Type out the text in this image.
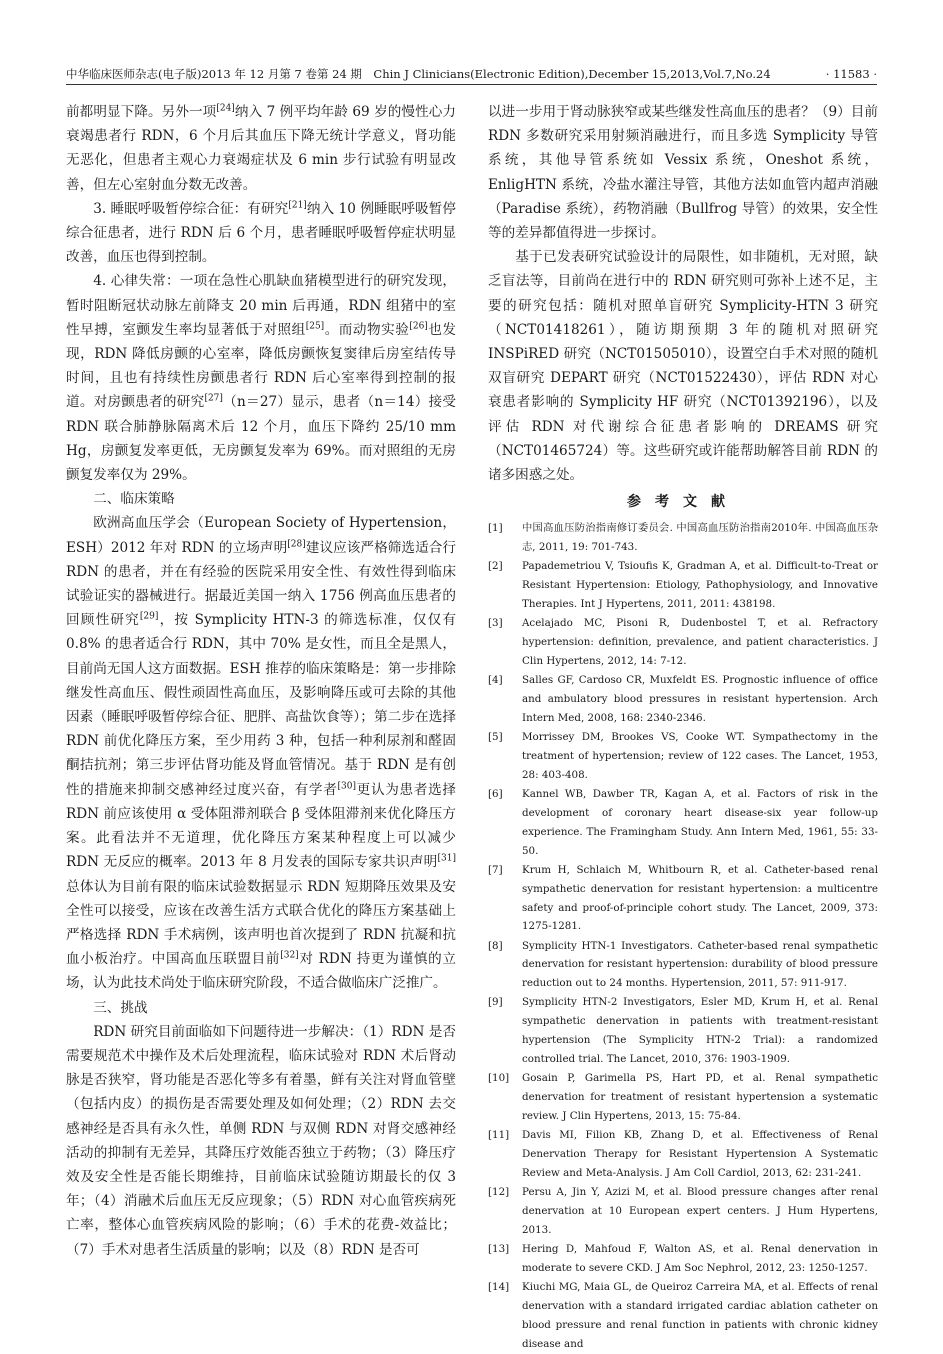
中华临床医师杂志(电子版)2013 年 12 月第 7 卷第 24 期　Chin J Clinicians(Electronic Edition),December 15,2013,Vol.7,No.24	· 11583 ·

前都明显下降。另外一项[24]纳入 7 例平均年龄 69 岁的慢性心力衰竭患者行 RDN，6 个月后其血压下降无统计学意义，肾功能无恶化，但患者主观心力衰竭症状及 6 min 步行试验有明显改善，但左心室射血分数无改善。

3. 睡眠呼吸暂停综合征：有研究[21]纳入 10 例睡眠呼吸暂停综合征患者，进行 RDN 后 6 个月，患者睡眠呼吸暂停症状明显改善，血压也得到控制。

4. 心律失常：一项在急性心肌缺血猪模型进行的研究发现，暂时阻断冠状动脉左前降支 20 min 后再通，RDN 组猪中的室性早搏，室颤发生率均显著低于对照组[25]。而动物实验[26]也发现，RDN 降低房颤的心室率，降低房颤恢复窦律后房室结传导时间，且也有持续性房颤患者行 RDN 后心室率得到控制的报道。对房颤患者的研究[27]（n＝27）显示，患者（n＝14）接受 RDN 联合肺静脉隔离术后 12 个月，血压下降约 25/10 mm Hg，房颤复发率更低，无房颤复发率为 69%。而对照组的无房颤复发率仅为 29%。

二、临床策略

欧洲高血压学会（European Society of Hypertension，ESH）2012 年对 RDN 的立场声明[28]建议应该严格筛选适合行 RDN 的患者，并在有经验的医院采用安全性、有效性得到临床试验证实的器械进行。据最近美国一纳入 1756 例高血压患者的回顾性研究[29]，按 Symplicity HTN-3 的筛选标准，仅仅有 0.8% 的患者适合行 RDN，其中 70% 是女性，而且全是黑人，目前尚无国人这方面数据。ESH 推荐的临床策略是：第一步排除继发性高血压、假性顽固性高血压，及影响降压或可去除的其他因素（睡眠呼吸暂停综合征、肥胖、高盐饮食等）；第二步在选择 RDN 前优化降压方案，至少用药 3 种，包括一种利尿剂和醛固酮拮抗剂；第三步评估肾功能及肾血管情况。基于 RDN 是有创性的措施来抑制交感神经过度兴奋，有学者[30]更认为患者选择 RDN 前应该使用 α 受体阻滞剂联合 β 受体阻滞剂来优化降压方案。此看法并不无道理，优化降压方案某种程度上可以减少 RDN 无反应的概率。2013 年 8 月发表的国际专家共识声明[31]总体认为目前有限的临床试验数据显示 RDN 短期降压效果及安全性可以接受，应该在改善生活方式联合优化的降压方案基础上严格选择 RDN 手术病例，该声明也首次提到了 RDN 抗凝和抗血小板治疗。中国高血压联盟目前[32]对 RDN 持更为谨慎的立场，认为此技术尚处于临床研究阶段，不适合做临床广泛推广。

三、挑战

RDN 研究目前面临如下问题待进一步解决：（1）RDN 是否需要规范术中操作及术后处理流程，临床试验对 RDN 术后肾动脉是否狭窄，肾功能是否恶化等多有着墨，鲜有关注对肾血管壁（包括内皮）的损伤是否需要处理及如何处理；（2）RDN 去交感神经是否具有永久性，单侧 RDN 与双侧 RDN 对肾交感神经活动的抑制有无差异，其降压疗效能否独立于药物；（3）降压疗效及安全性是否能长期维持，目前临床试验随访期最长的仅 3 年；（4）消融术后血压无反应现象；（5）RDN 对心血管疾病死亡率，整体心血管疾病风险的影响；（6）手术的花费-效益比；（7）手术对患者生活质量的影响；以及（8）RDN 是否可

以进一步用于肾动脉狭窄或某些继发性高血压的患者？（9）目前 RDN 多数研究采用射频消融进行，而且多选 Symplicity 导管系统，其他导管系统如 Vessix 系统，Oneshot 系统，EnligHTN 系统，冷盐水灌注导管，其他方法如血管内超声消融（Paradise 系统），药物消融（Bullfrog 导管）的效果，安全性等的差异都值得进一步探讨。

基于已发表研究试验设计的局限性，如非随机，无对照，缺乏盲法等，目前尚在进行中的 RDN 研究则可弥补上述不足，主要的研究包括：随机对照单盲研究 Symplicity-HTN 3 研究（NCT01418261），随访期预期 3 年的随机对照研究 INSPiRED 研究（NCT01505010），设置空白手术对照的随机双盲研究 DEPART 研究（NCT01522430），评估 RDN 对心衰患者影响的 Symplicity HF 研究（NCT01392196），以及评估 RDN 对代谢综合征患者影响的 DREAMS 研究（NCT01465724）等。这些研究或许能帮助解答目前 RDN 的诸多困惑之处。

参考文献
[1] 中国高血压防治指南修订委员会. 中国高血压防治指南2010年. 中国高血压杂志, 2011, 19: 701-743.
[2] Papademetriou V, Tsioufis K, Gradman A, et al. Difficult-to-Treat or Resistant Hypertension: Etiology, Pathophysiology, and Innovative Therapies. Int J Hypertens, 2011, 2011: 438198.
[3] Acelajado MC, Pisoni R, Dudenbostel T, et al. Refractory hypertension: definition, prevalence, and patient characteristics. J Clin Hypertens, 2012, 14: 7-12.
[4] Salles GF, Cardoso CR, Muxfeldt ES. Prognostic influence of office and ambulatory blood pressures in resistant hypertension. Arch Intern Med, 2008, 168: 2340-2346.
[5] Morrissey DM, Brookes VS, Cooke WT. Sympathectomy in the treatment of hypertension; review of 122 cases. The Lancet, 1953, 28: 403-408.
[6] Kannel WB, Dawber TR, Kagan A, et al. Factors of risk in the development of coronary heart disease-six year follow-up experience. The Framingham Study. Ann Intern Med, 1961, 55: 33-50.
[7] Krum H, Schlaich M, Whitbourn R, et al. Catheter-based renal sympathetic denervation for resistant hypertension: a multicentre safety and proof-of-principle cohort study. The Lancet, 2009, 373: 1275-1281.
[8] Symplicity HTN-1 Investigators. Catheter-based renal sympathetic denervation for resistant hypertension: durability of blood pressure reduction out to 24 months. Hypertension, 2011, 57: 911-917.
[9] Symplicity HTN-2 Investigators, Esler MD, Krum H, et al. Renal sympathetic denervation in patients with treatment-resistant hypertension (The Symplicity HTN-2 Trial): a randomized controlled trial. The Lancet, 2010, 376: 1903-1909.
[10] Gosain P, Garimella PS, Hart PD, et al. Renal sympathetic denervation for treatment of resistant hypertension a systematic review. J Clin Hypertens, 2013, 15: 75-84.
[11] Davis MI, Filion KB, Zhang D, et al. Effectiveness of Renal Denervation Therapy for Resistant Hypertension A Systematic Review and Meta-Analysis. J Am Coll Cardiol, 2013, 62: 231-241.
[12] Persu A, Jin Y, Azizi M, et al. Blood pressure changes after renal denervation at 10 European expert centers. J Hum Hypertens, 2013.
[13] Hering D, Mahfoud F, Walton AS, et al. Renal denervation in moderate to severe CKD. J Am Soc Nephrol, 2012, 23: 1250-1257.
[14] Kiuchi MG, Maia GL, de Queiroz Carreira MA, et al. Effects of renal denervation with a standard irrigated cardiac ablation catheter on blood pressure and renal function in patients with chronic kidney disease and
